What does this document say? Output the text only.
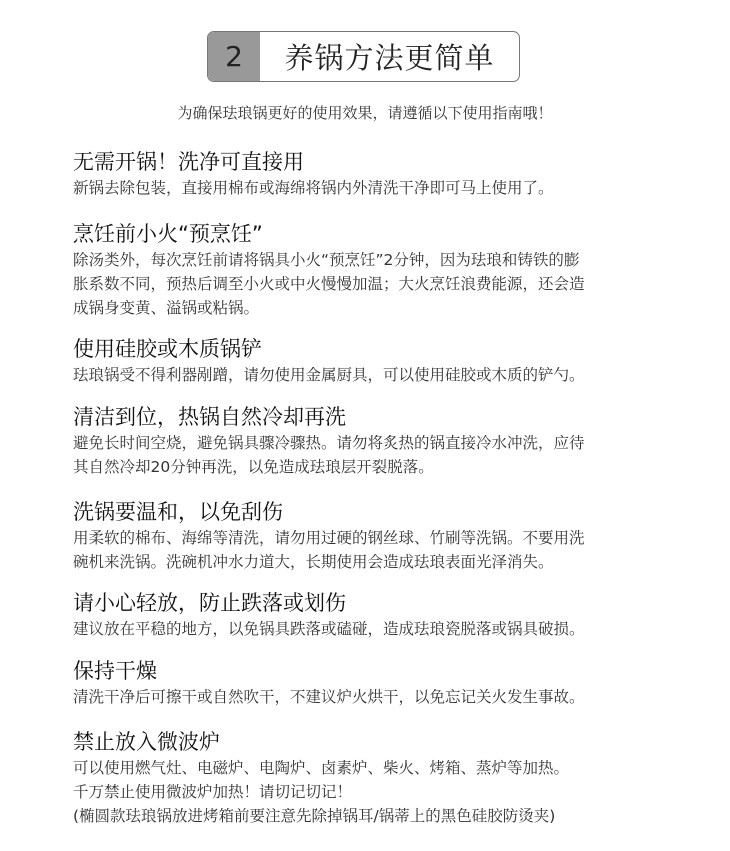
2	养锅方法更简单
为确保珐琅锅更好的使用效果，请遵循以下使用指南哦！
无需开锅！洗净可直接用
新锅去除包装，直接用棉布或海绵将锅内外清洗干净即可马上使用了。
烹饪前小火“预烹饪”
除汤类外，每次烹饪前请将锅具小火“预烹饪”2分钟，因为珐琅和铸铁的膨
胀系数不同，预热后调至小火或中火慢慢加温；大火烹饪浪费能源，还会造
成锅身变黄、溢锅或粘锅。
使用硅胶或木质锅铲
珐琅锅受不得利器剐蹭，请勿使用金属厨具，可以使用硅胶或木质的铲勺。
清洁到位，热锅自然冷却再洗
避免长时间空烧，避免锅具骤冷骤热。请勿将炙热的锅直接冷水冲洗，应待
其自然冷却20分钟再洗，以免造成珐琅层开裂脱落。
洗锅要温和，以免刮伤
用柔软的棉布、海绵等清洗，请勿用过硬的钢丝球、竹刷等洗锅。不要用洗
碗机来洗锅。洗碗机冲水力道大，长期使用会造成珐琅表面光泽消失。
请小心轻放，防止跌落或划伤
建议放在平稳的地方，以免锅具跌落或磕碰，造成珐琅瓷脱落或锅具破损。
保持干燥
清洗干净后可擦干或自然吹干，不建议炉火烘干，以免忘记关火发生事故。
禁止放入微波炉
可以使用燃气灶、电磁炉、电陶炉、卤素炉、柴火、烤箱、蒸炉等加热。
千万禁止使用微波炉加热！请切记切记！
(椭圆款珐琅锅放进烤箱前要注意先除掉锅耳/锅蒂上的黑色硅胶防烫夹)
